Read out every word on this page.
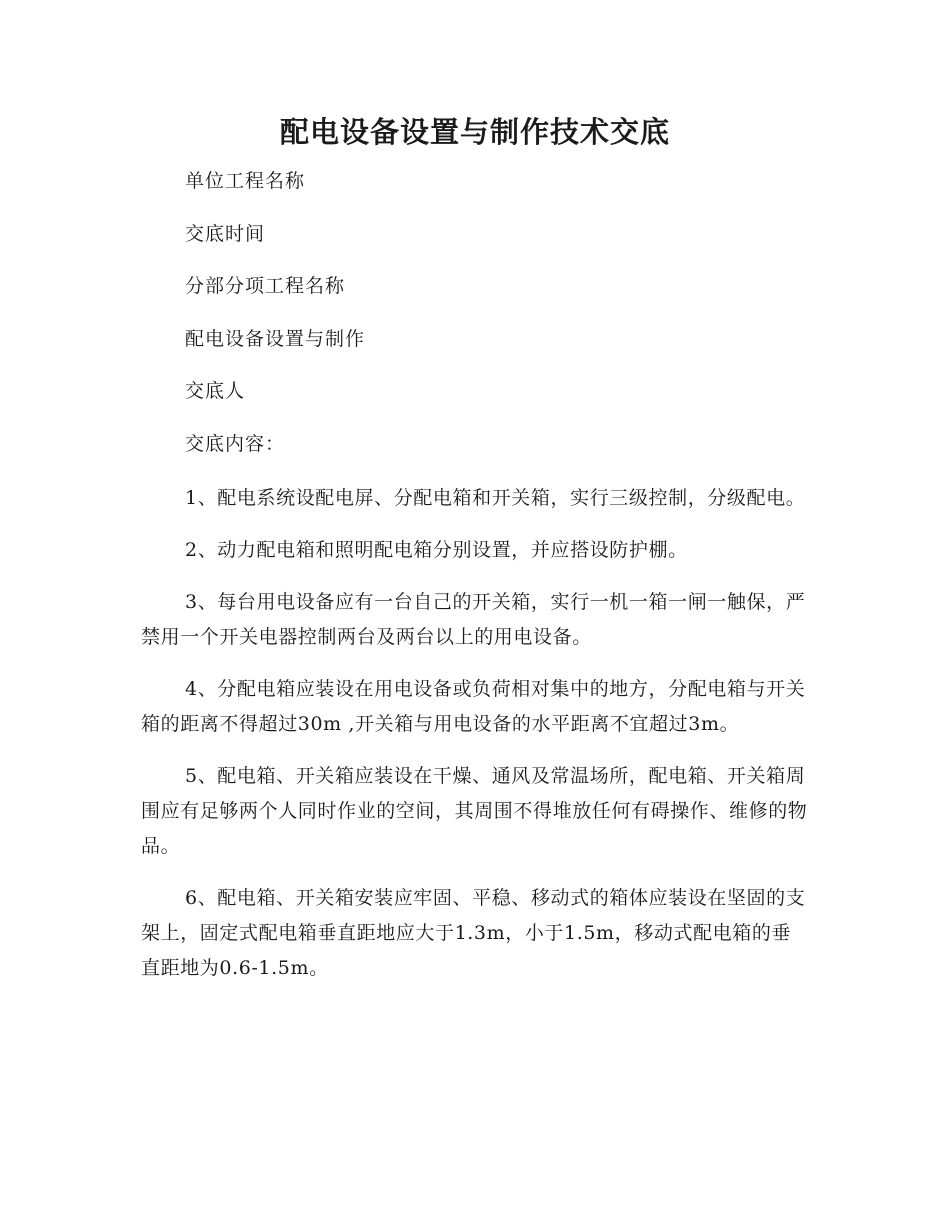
配电设备设置与制作技术交底

单位工程名称

交底时间

分部分项工程名称

配电设备设置与制作

交底人

交底内容：

1、配电系统设配电屏、分配电箱和开关箱，实行三级控制，分级配电。

2、动力配电箱和照明配电箱分别设置，并应搭设防护棚。

3、每台用电设备应有一台自己的开关箱，实行一机一箱一闸一触保，严禁用一个开关电器控制两台及两台以上的用电设备。

4、分配电箱应装设在用电设备或负荷相对集中的地方，分配电箱与开关箱的距离不得超过30m ,开关箱与用电设备的水平距离不宜超过3m。

5、配电箱、开关箱应装设在干燥、通风及常温场所，配电箱、开关箱周围应有足够两个人同时作业的空间，其周围不得堆放任何有碍操作、维修的物品。

6、配电箱、开关箱安装应牢固、平稳、移动式的箱体应装设在坚固的支架上，固定式配电箱垂直距地应大于1.3m，小于1.5m，移动式配电箱的垂直距地为0.6-1.5m。
